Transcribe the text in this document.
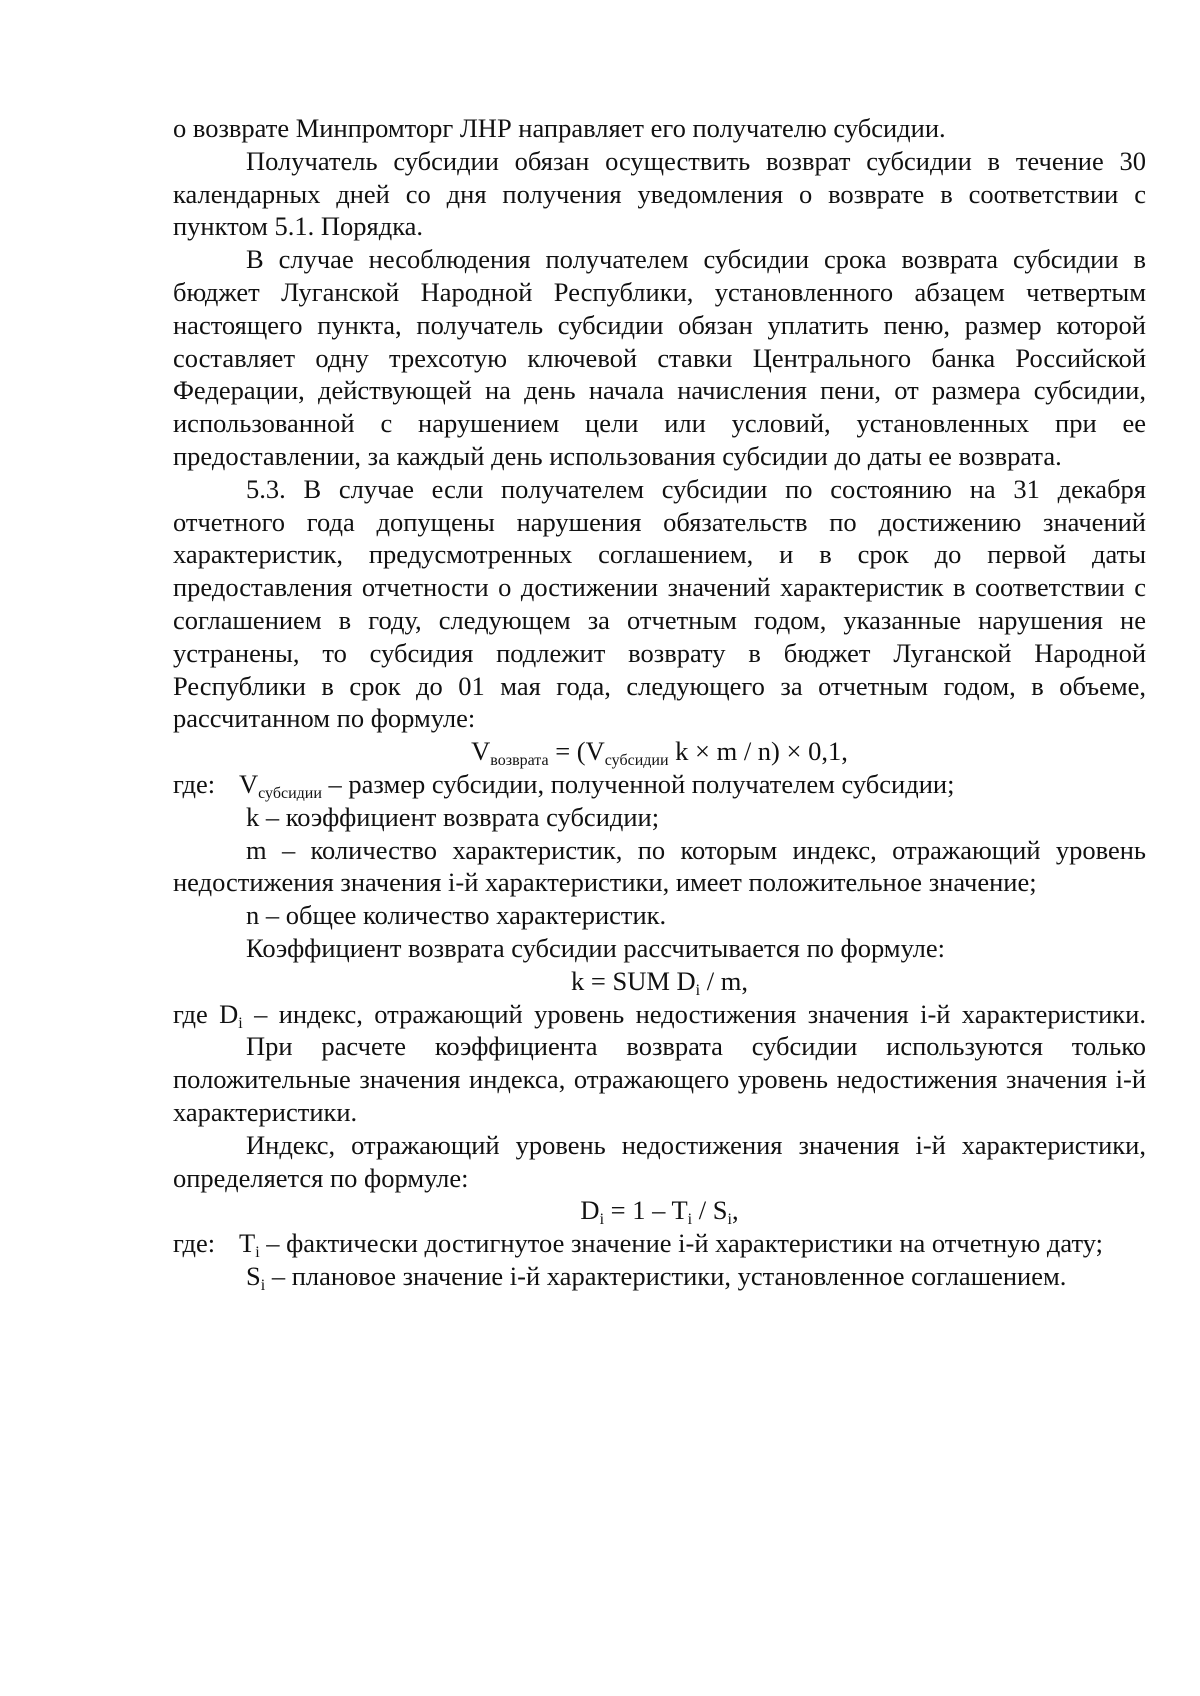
о возврате Минпромторг ЛНР направляет его получателю субсидии.

Получатель субсидии обязан осуществить возврат субсидии в течение 30 календарных дней со дня получения уведомления о возврате в соответствии с пунктом 5.1. Порядка.

В случае несоблюдения получателем субсидии срока возврата субсидии в бюджет Луганской Народной Республики, установленного абзацем четвертым настоящего пункта, получатель субсидии обязан уплатить пеню, размер которой составляет одну трехсотую ключевой ставки Центрального банка Российской Федерации, действующей на день начала начисления пени, от размера субсидии, использованной с нарушением цели или условий, установленных при ее предоставлении, за каждый день использования субсидии до даты ее возврата.

5.3. В случае если получателем субсидии по состоянию на 31 декабря отчетного года допущены нарушения обязательств по достижению значений характеристик, предусмотренных соглашением, и в срок до первой даты предоставления отчетности о достижении значений характеристик в соответствии с соглашением в году, следующем за отчетным годом, указанные нарушения не устранены, то субсидия подлежит возврату в бюджет Луганской Народной Республики в срок до 01 мая года, следующего за отчетным годом, в объеме, рассчитанном по формуле:

$V_{возврата} = (V_{субсидии}$ k × m / n) × 0,1,

где: $V_{субсидии}$ – размер субсидии, полученной получателем субсидии;

k – коэффициент возврата субсидии;

m – количество характеристик, по которым индекс, отражающий уровень недостижения значения i-й характеристики, имеет положительное значение;

n – общее количество характеристик.

Коэффициент возврата субсидии рассчитывается по формуле:

k = SUM $D_i$ / m,

где $D_i$ – индекс, отражающий уровень недостижения значения i-й характеристики.

При расчете коэффициента возврата субсидии используются только положительные значения индекса, отражающего уровень недостижения значения i-й характеристики.

Индекс, отражающий уровень недостижения значения i-й характеристики, определяется по формуле:

$D_i = 1 - T_i / S_i$,

где: $T_i$ – фактически достигнутое значение i-й характеристики на отчетную дату;

$S_i$ – плановое значение i-й характеристики, установленное соглашением.
